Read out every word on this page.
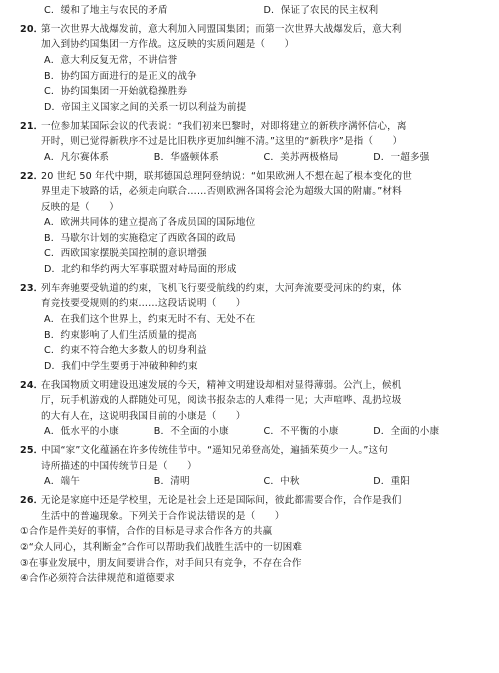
C．缓和了地主与农民的矛盾	D．保证了农民的民主权利
20．
第一次世界大战爆发前，意大利加入同盟国集团；而第一次世界大战爆发后，意大利
加入到协约国集团一方作战。这反映的实质问题是（　　）
A．意大利反复无常，不讲信誉
B．协约国方面进行的是正义的战争
C．协约国集团一开始就稳操胜券
D．帝国主义国家之间的关系一切以利益为前提
21．
一位参加某国际会议的代表说：“我们初来巴黎时，对即将建立的新秩序满怀信心，离
开时，则已觉得新秩序不过是比旧秩序更加纠缠不清。”这里的“新秩序”是指（　　）
A．凡尔赛体系	B．华盛顿体系	C．美苏两极格局	D．一超多强
22．
20 世纪 50 年代中期，联邦德国总理阿登纳说：“如果欧洲人不想在起了根本变化的世
界里走下坡路的话，必须走向联合……否则欧洲各国将会沦为超级大国的附庸。”材料
反映的是（　　）
A．欧洲共同体的建立提高了各成员国的国际地位
B．马歇尔计划的实施稳定了西欧各国的政局
C．西欧国家摆脱美国控制的意识增强
D．北约和华约两大军事联盟对峙局面的形成
23．
列车奔驰要受轨道的约束，飞机飞行要受航线的约束，大河奔流要受河床的约束，体
育竞技要受规则的约束……这段话说明（　　）
A．在我们这个世界上，约束无时不有、无处不在
B．约束影响了人们生活质量的提高
C．约束不符合绝大多数人的切身利益
D．我们中学生要勇于冲破种种约束
24．
在我国物质文明建设迅速发展的今天，精神文明建设却相对显得薄弱。公汽上，候机
厅，玩手机游戏的人群随处可见，阅读书报杂志的人难得一见；大声喧哗、乱扔垃圾
的大有人在，这说明我国目前的小康是（　　）
A．低水平的小康	B．不全面的小康	C．不平衡的小康	D．全面的小康
25．
中国“家”文化蕴涵在许多传统佳节中。“遥知兄弟登高处，遍插茱萸少一人。”这句
诗所描述的中国传统节日是（　　）
A．端午	B．清明	C．中秋	D．重阳
26．
无论是家庭中还是学校里，无论是社会上还是国际间，彼此都需要合作，合作是我们
生活中的普遍现象。下列关于合作说法错误的是（　　）
①合作是件美好的事情，合作的目标是寻求合作各方的共赢
②“众人同心，其利断金”合作可以帮助我们战胜生活中的一切困难
③在事业发展中，朋友间要讲合作，对手间只有竞争，不存在合作
④合作必须符合法律规范和道德要求
